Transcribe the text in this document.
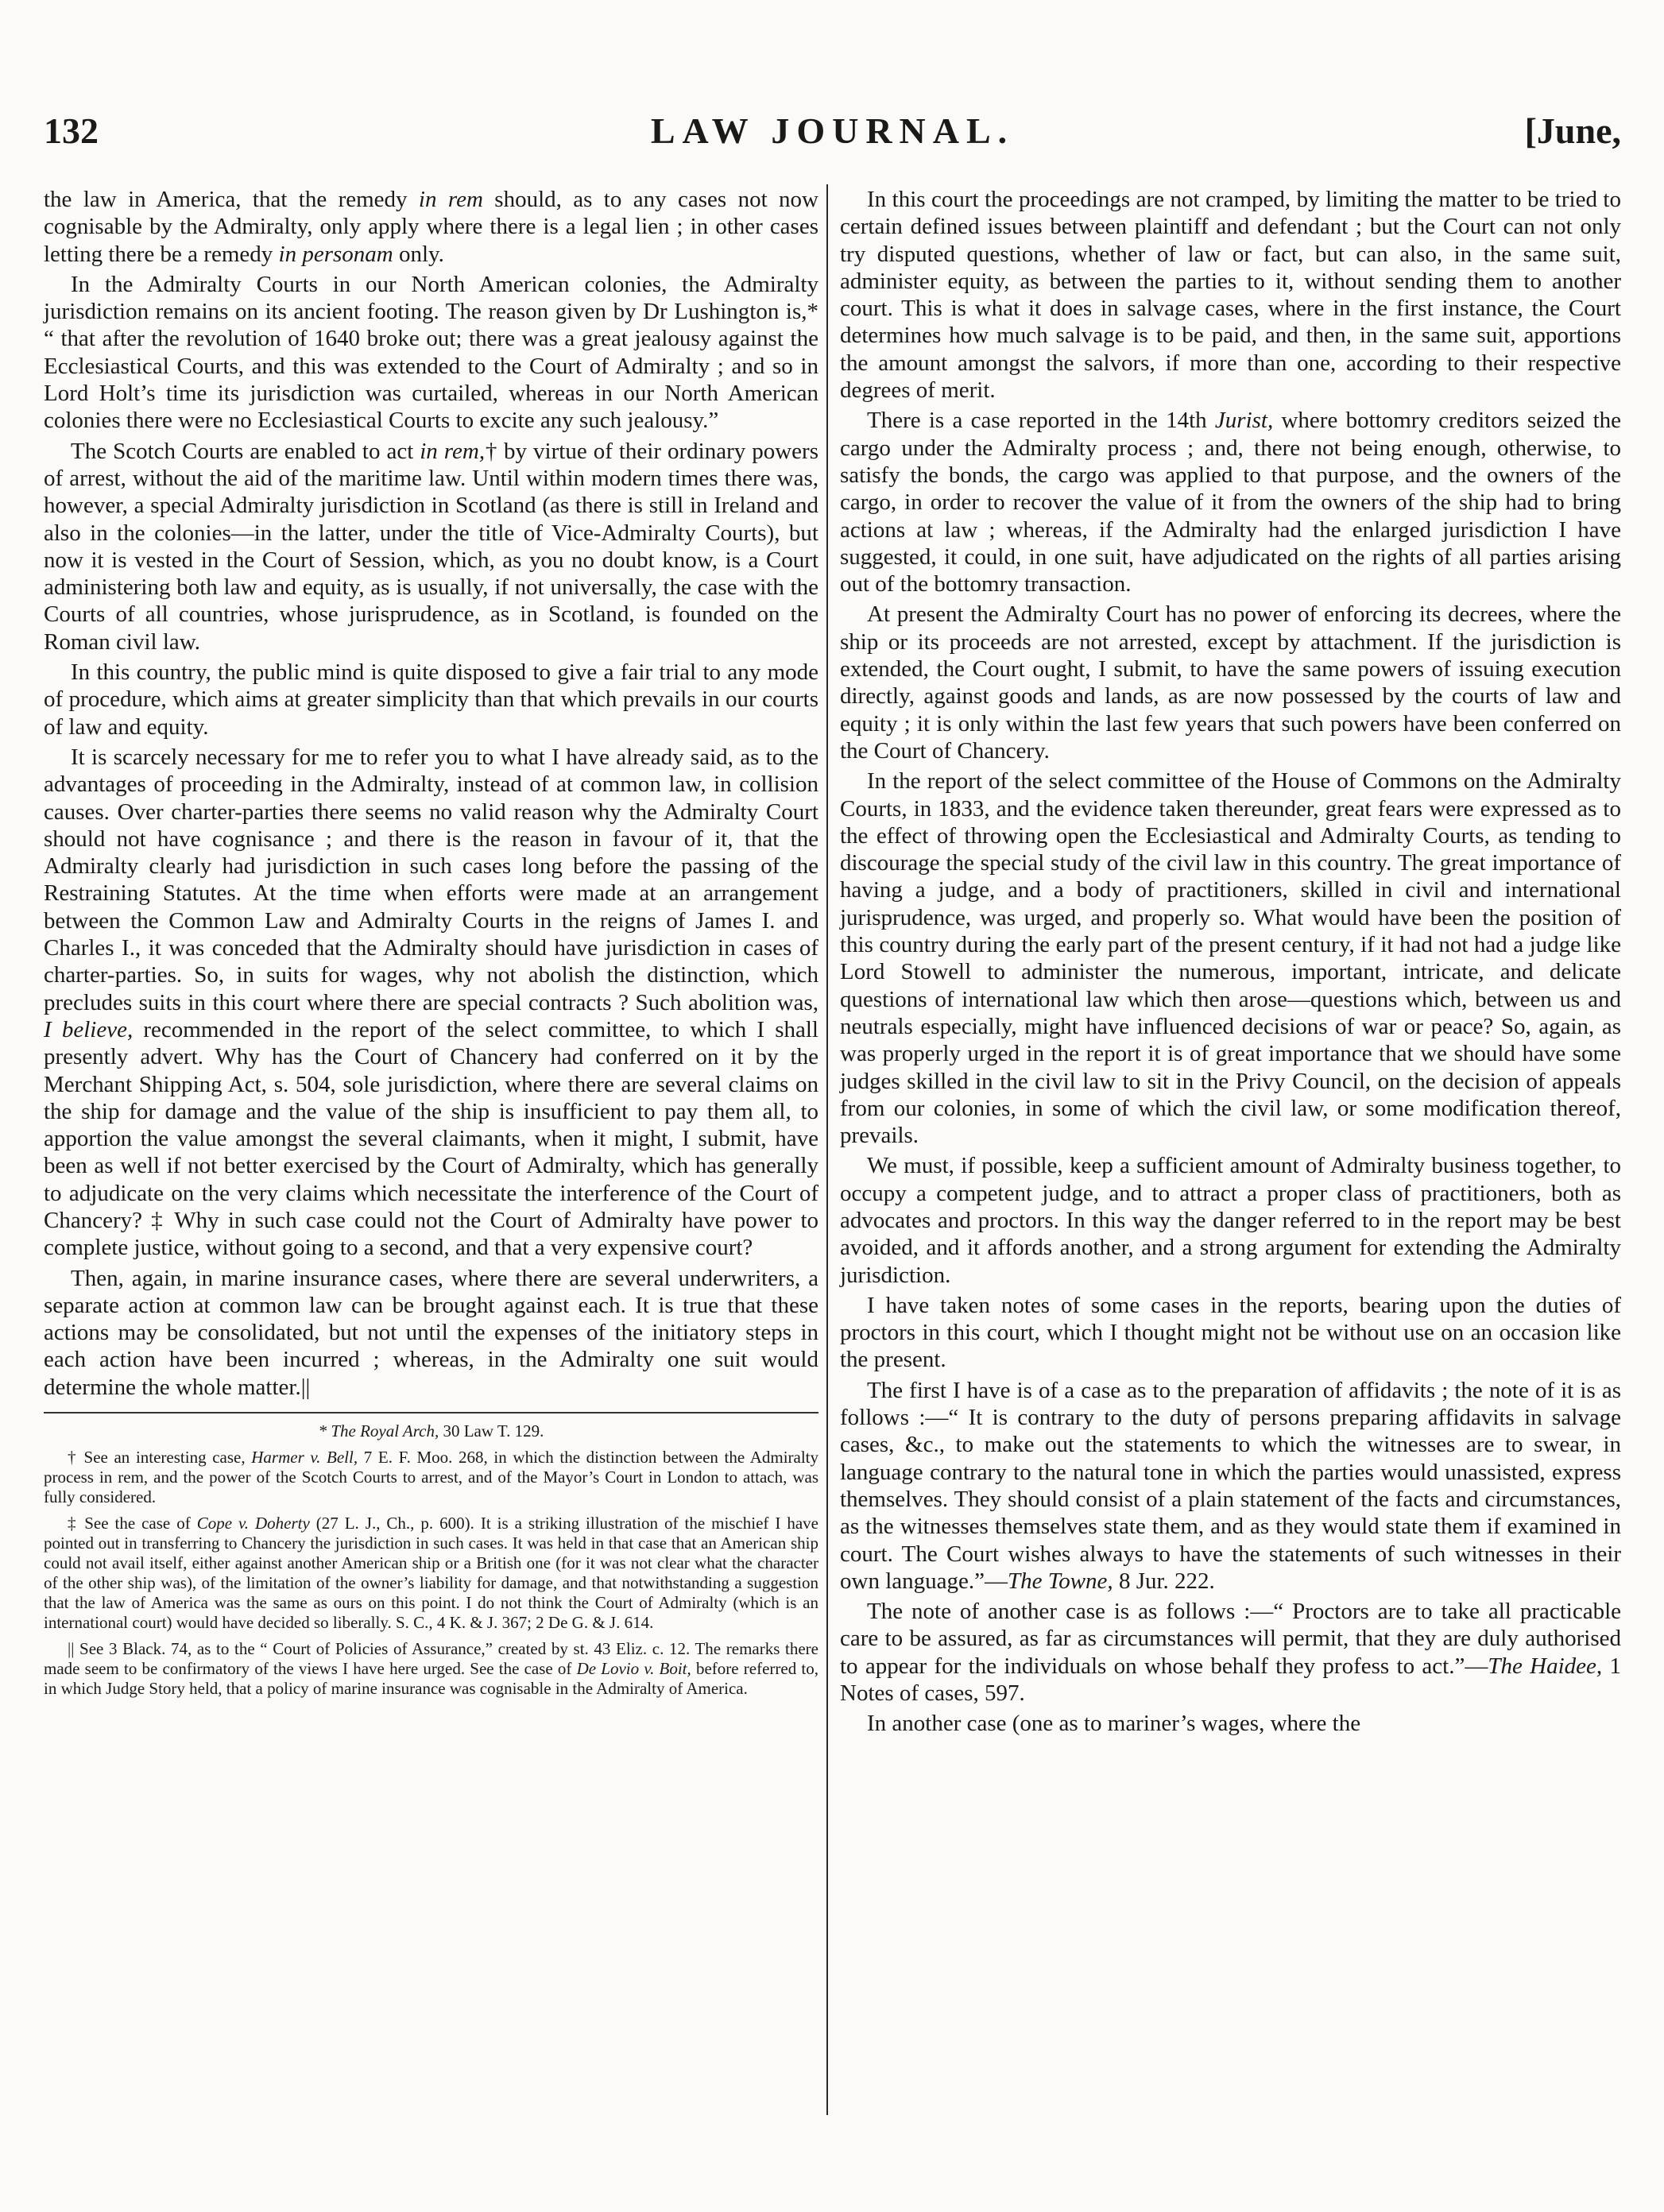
132	LAW JOURNAL.	[June,

the law in America, that the remedy in rem should, as to any cases not now cognisable by the Admiralty, only apply where there is a legal lien ; in other cases letting there be a remedy in personam only.

In the Admiralty Courts in our North American colonies, the Admiralty jurisdiction remains on its ancient footing. The reason given by Dr Lushington is,* “ that after the revolution of 1640 broke out; there was a great jealousy against the Ecclesiastical Courts, and this was extended to the Court of Admiralty ; and so in Lord Holt’s time its jurisdiction was curtailed, whereas in our North American colonies there were no Ecclesiastical Courts to excite any such jealousy.”

The Scotch Courts are enabled to act in rem,† by virtue of their ordinary powers of arrest, without the aid of the maritime law. Until within modern times there was, however, a special Admiralty jurisdiction in Scotland (as there is still in Ireland and also in the colonies—in the latter, under the title of Vice-Admiralty Courts), but now it is vested in the Court of Session, which, as you no doubt know, is a Court administering both law and equity, as is usually, if not universally, the case with the Courts of all countries, whose jurisprudence, as in Scotland, is founded on the Roman civil law.

In this country, the public mind is quite disposed to give a fair trial to any mode of procedure, which aims at greater simplicity than that which prevails in our courts of law and equity.

It is scarcely necessary for me to refer you to what I have already said, as to the advantages of proceeding in the Admiralty, instead of at common law, in collision causes. Over charter-parties there seems no valid reason why the Admiralty Court should not have cognisance ; and there is the reason in favour of it, that the Admiralty clearly had jurisdiction in such cases long before the passing of the Restraining Statutes. At the time when efforts were made at an arrangement between the Common Law and Admiralty Courts in the reigns of James I. and Charles I., it was conceded that the Admiralty should have jurisdiction in cases of charter-parties. So, in suits for wages, why not abolish the distinction, which precludes suits in this court where there are special contracts ? Such abolition was, I believe, recommended in the report of the select committee, to which I shall presently advert. Why has the Court of Chancery had conferred on it by the Merchant Shipping Act, s. 504, sole jurisdiction, where there are several claims on the ship for damage and the value of the ship is insufficient to pay them all, to apportion the value amongst the several claimants, when it might, I submit, have been as well if not better exercised by the Court of Admiralty, which has generally to adjudicate on the very claims which necessitate the interference of the Court of Chancery? ‡ Why in such case could not the Court of Admiralty have power to complete justice, without going to a second, and that a very expensive court?

Then, again, in marine insurance cases, where there are several underwriters, a separate action at common law can be brought against each. It is true that these actions may be consolidated, but not until the expenses of the initiatory steps in each action have been incurred ; whereas, in the Admiralty one suit would determine the whole matter.||

* The Royal Arch, 30 Law T. 129.

† See an interesting case, Harmer v. Bell, 7 E. F. Moo. 268, in which the distinction between the Admiralty process in rem, and the power of the Scotch Courts to arrest, and of the Mayor’s Court in London to attach, was fully considered.

‡ See the case of Cope v. Doherty (27 L. J., Ch., p. 600). It is a striking illustration of the mischief I have pointed out in transferring to Chancery the jurisdiction in such cases. It was held in that case that an American ship could not avail itself, either against another American ship or a British one (for it was not clear what the character of the other ship was), of the limitation of the owner’s liability for damage, and that notwithstanding a suggestion that the law of America was the same as ours on this point. I do not think the Court of Admiralty (which is an international court) would have decided so liberally. S. C., 4 K. & J. 367; 2 De G. & J. 614.

|| See 3 Black. 74, as to the “ Court of Policies of Assurance,” created by st. 43 Eliz. c. 12. The remarks there made seem to be confirmatory of the views I have here urged. See the case of De Lovio v. Boit, before referred to, in which Judge Story held, that a policy of marine insurance was cognisable in the Admiralty of America.

In this court the proceedings are not cramped, by limiting the matter to be tried to certain defined issues between plaintiff and defendant ; but the Court can not only try disputed questions, whether of law or fact, but can also, in the same suit, administer equity, as between the parties to it, without sending them to another court. This is what it does in salvage cases, where in the first instance, the Court determines how much salvage is to be paid, and then, in the same suit, apportions the amount amongst the salvors, if more than one, according to their respective degrees of merit.

There is a case reported in the 14th Jurist, where bottomry creditors seized the cargo under the Admiralty process ; and, there not being enough, otherwise, to satisfy the bonds, the cargo was applied to that purpose, and the owners of the cargo, in order to recover the value of it from the owners of the ship had to bring actions at law ; whereas, if the Admiralty had the enlarged jurisdiction I have suggested, it could, in one suit, have adjudicated on the rights of all parties arising out of the bottomry transaction.

At present the Admiralty Court has no power of enforcing its decrees, where the ship or its proceeds are not arrested, except by attachment. If the jurisdiction is extended, the Court ought, I submit, to have the same powers of issuing execution directly, against goods and lands, as are now possessed by the courts of law and equity ; it is only within the last few years that such powers have been conferred on the Court of Chancery.

In the report of the select committee of the House of Commons on the Admiralty Courts, in 1833, and the evidence taken thereunder, great fears were expressed as to the effect of throwing open the Ecclesiastical and Admiralty Courts, as tending to discourage the special study of the civil law in this country. The great importance of having a judge, and a body of practitioners, skilled in civil and international jurisprudence, was urged, and properly so. What would have been the position of this country during the early part of the present century, if it had not had a judge like Lord Stowell to administer the numerous, important, intricate, and delicate questions of international law which then arose—questions which, between us and neutrals especially, might have influenced decisions of war or peace? So, again, as was properly urged in the report it is of great importance that we should have some judges skilled in the civil law to sit in the Privy Council, on the decision of appeals from our colonies, in some of which the civil law, or some modification thereof, prevails.

We must, if possible, keep a sufficient amount of Admiralty business together, to occupy a competent judge, and to attract a proper class of practitioners, both as advocates and proctors. In this way the danger referred to in the report may be best avoided, and it affords another, and a strong argument for extending the Admiralty jurisdiction.

I have taken notes of some cases in the reports, bearing upon the duties of proctors in this court, which I thought might not be without use on an occasion like the present.

The first I have is of a case as to the preparation of affidavits ; the note of it is as follows :—“ It is contrary to the duty of persons preparing affidavits in salvage cases, &c., to make out the statements to which the witnesses are to swear, in language contrary to the natural tone in which the parties would unassisted, express themselves. They should consist of a plain statement of the facts and circumstances, as the witnesses themselves state them, and as they would state them if examined in court. The Court wishes always to have the statements of such witnesses in their own language.”—The Towne, 8 Jur. 222.

The note of another case is as follows :—“ Proctors are to take all practicable care to be assured, as far as circumstances will permit, that they are duly authorised to appear for the individuals on whose behalf they profess to act.”—The Haidee, 1 Notes of cases, 597.

In another case (one as to mariner’s wages, where the
